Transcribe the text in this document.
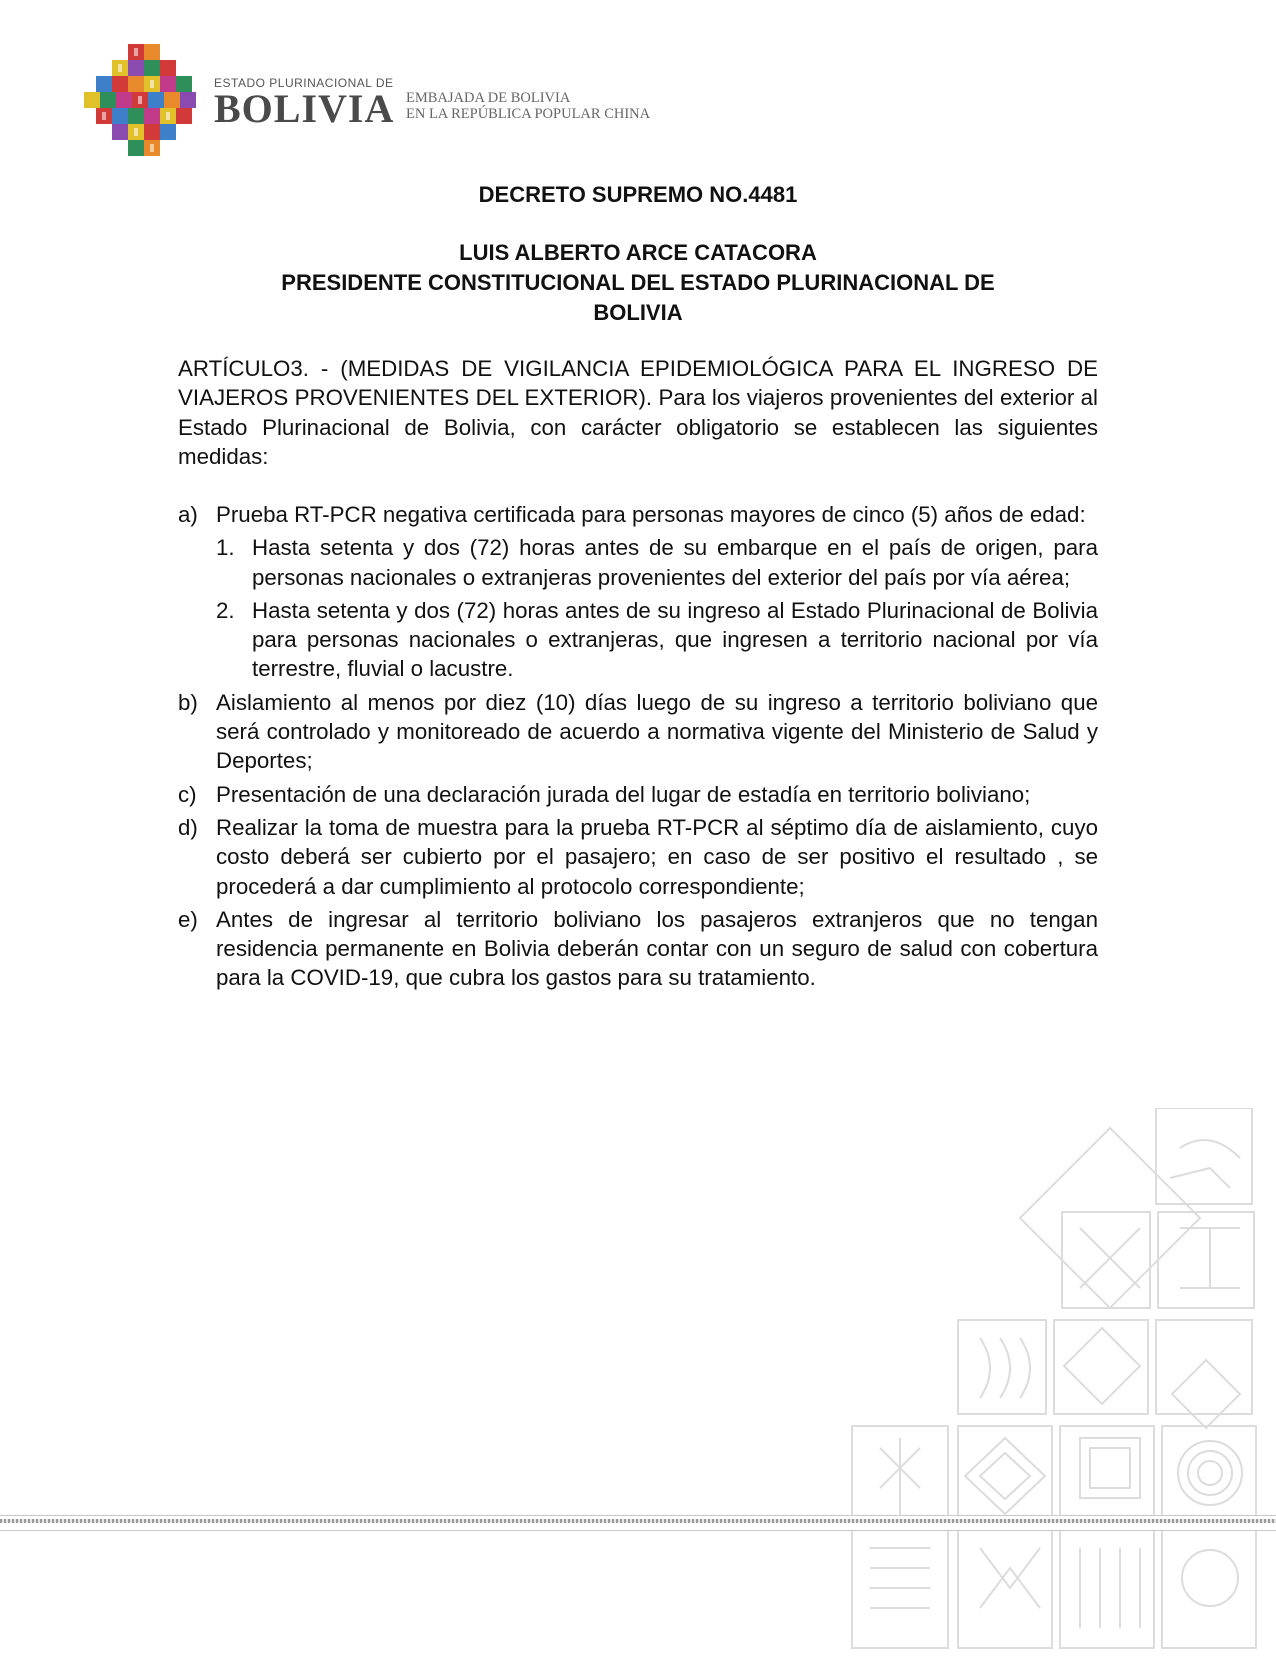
ESTADO PLURINACIONAL DE
BOLIVIA EMBAJADA DE BOLIVIA
EN LA REPÚBLICA POPULAR CHINA
DECRETO SUPREMO NO.4481
LUIS ALBERTO ARCE CATACORA
PRESIDENTE CONSTITUCIONAL DEL ESTADO PLURINACIONAL DE
BOLIVIA
ARTÍCULO3. - (MEDIDAS DE VIGILANCIA EPIDEMIOLÓGICA PARA EL INGRESO DE VIAJEROS PROVENIENTES DEL EXTERIOR). Para los viajeros provenientes del exterior al Estado Plurinacional de Bolivia, con carácter obligatorio se establecen las siguientes medidas:
a) Prueba RT-PCR negativa certificada para personas mayores de cinco (5) años de edad:
1. Hasta setenta y dos (72) horas antes de su embarque en el país de origen, para personas nacionales o extranjeras provenientes del exterior del país por vía aérea;
2. Hasta setenta y dos (72) horas antes de su ingreso al Estado Plurinacional de Bolivia para personas nacionales o extranjeras, que ingresen a territorio nacional por vía terrestre, fluvial o lacustre.
b) Aislamiento al menos por diez (10) días luego de su ingreso a territorio boliviano que será controlado y monitoreado de acuerdo a normativa vigente del Ministerio de Salud y Deportes;
c) Presentación de una declaración jurada del lugar de estadía en territorio boliviano;
d) Realizar la toma de muestra para la prueba RT-PCR al séptimo día de aislamiento, cuyo costo deberá ser cubierto por el pasajero; en caso de ser positivo el resultado , se procederá a dar cumplimiento al protocolo correspondiente;
e) Antes de ingresar al territorio boliviano los pasajeros extranjeros que no tengan residencia permanente en Bolivia deberán contar con un seguro de salud con cobertura para la COVID-19, que cubra los gastos para su tratamiento.
